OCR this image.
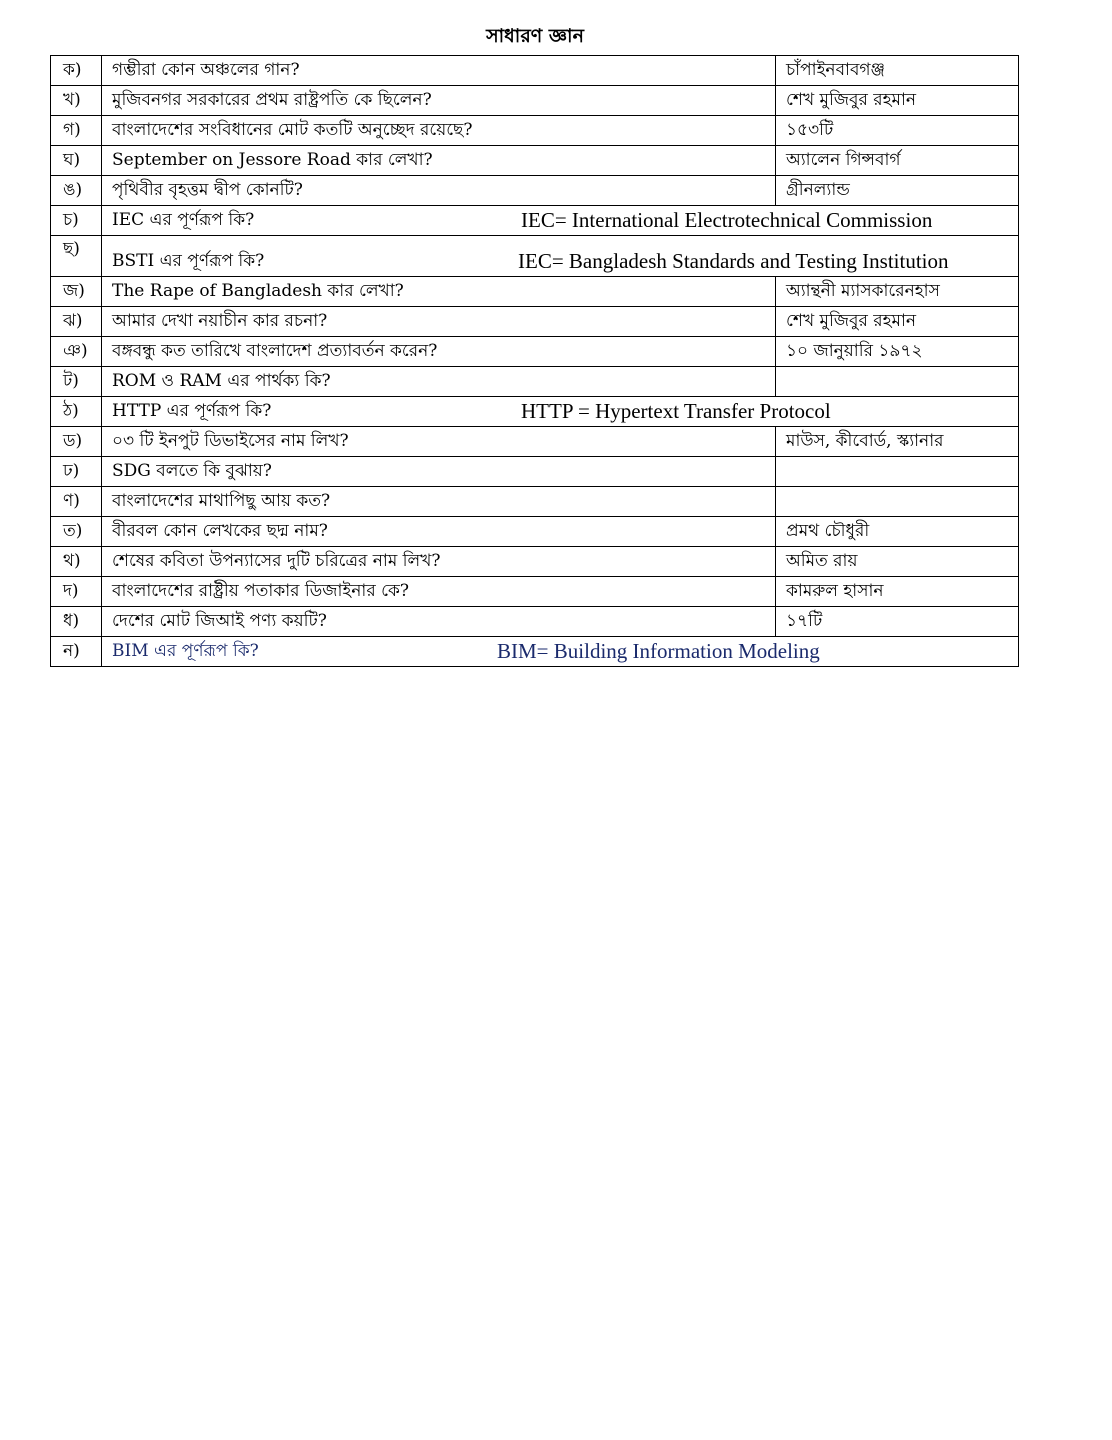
সাধারণ জ্ঞান
ক)	গম্ভীরা কোন অঞ্চলের গান?	চাঁপাইনবাবগঞ্জ
খ)	মুজিবনগর সরকারের প্রথম রাষ্ট্রপতি কে ছিলেন?	শেখ মুজিবুর রহমান
গ)	বাংলাদেশের সংবিধানের মোট কতটি অনুচ্ছেদ রয়েছে?	১৫৩টি
ঘ)	September on Jessore Road কার লেখা?	অ্যালেন গিন্সবার্গ
ঙ)	পৃথিবীর বৃহত্তম দ্বীপ কোনটি?	গ্রীনল্যান্ড
চ)	IEC এর পূর্ণরূপ কি? IEC= International Electrotechnical Commission	

ছ)	BSTI এর পূর্ণরূপ কি? IEC= Bangladesh Standards and Testing Institution	

জ)	The Rape of Bangladesh কার লেখা?	অ্যান্থনী ম্যাসকারেনহাস
ঝ)	আমার দেখা নয়াচীন কার রচনা?	শেখ মুজিবুর রহমান
ঞ)	বঙ্গবন্ধু কত তারিখে বাংলাদেশ প্রত্যাবর্তন করেন?	১০ জানুয়ারি ১৯৭২
ট)	ROM ও RAM এর পার্থক্য কি?	
ঠ)	HTTP এর পূর্ণরূপ কি? HTTP = Hypertext Transfer Protocol	

ড)	০৩ টি ইনপুট ডিভাইসের নাম লিখ?	মাউস, কীবোর্ড, স্ক্যানার
ঢ)	SDG বলতে কি বুঝায়?	
ণ)	বাংলাদেশের মাথাপিছু আয় কত?	
ত)	বীরবল কোন লেখকের ছদ্ম নাম?	প্রমথ চৌধুরী
থ)	শেষের কবিতা উপন্যাসের দুটি চরিত্রের নাম লিখ?	অমিত রায়
দ)	বাংলাদেশের রাষ্ট্রীয় পতাকার ডিজাইনার কে?	কামরুল হাসান
ধ)	দেশের মোট জিআই পণ্য কয়টি?	১৭টি
ন)	BIM এর পূর্ণরূপ কি? BIM= Building Information Modeling	
